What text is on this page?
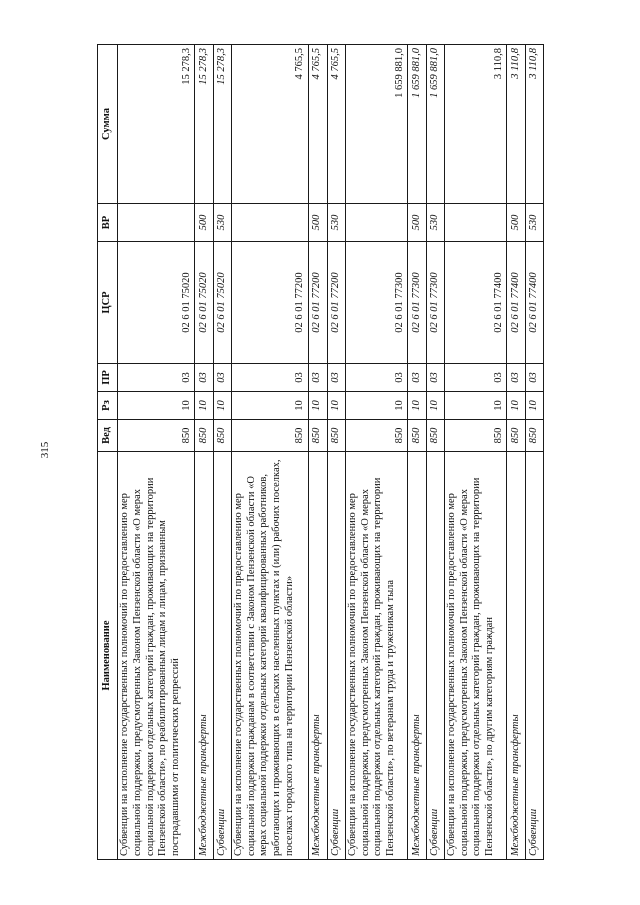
315
Наименование	Вед	Рз	ПР	ЦСР	ВР	Сумма
Субвенции на исполнение государственных полномочий по предоставлению мер социальной поддержки, предусмотренных Законом Пензенской области «О мерах социальной поддержки отдельных категорий граждан, проживающих на территории Пензенской области», по реабилитированным лицам и лицам, признанным пострадавшими от политических репрессий	850	10	03	02 6 01 75020		15 278,3
Межбюджетные трансферты	850	10	03	02 6 01 75020	500	15 278,3
Субвенции	850	10	03	02 6 01 75020	530	15 278,3
Субвенции на исполнение государственных полномочий по предоставлению мер социальной поддержки гражданам в соответствии с Законом Пензенской области «О мерах социальной поддержки отдельных категорий квалифицированных работников, работающих и проживающих в сельских населенных пунктах и (или) рабочих поселках, поселках городского типа на территории Пензенской области»	850	10	03	02 6 01 77200		4 765,5
Межбюджетные трансферты	850	10	03	02 6 01 77200	500	4 765,5
Субвенции	850	10	03	02 6 01 77200	530	4 765,5
Субвенции на исполнение государственных полномочий по предоставлению мер социальной поддержки, предусмотренных Законом Пензенской области «О мерах социальной поддержки отдельных категорий граждан, проживающих на территории Пензенской области», по ветеранам труда и труженикам тыла	850	10	03	02 6 01 77300		1 659 881,0
Межбюджетные трансферты	850	10	03	02 6 01 77300	500	1 659 881,0
Субвенции	850	10	03	02 6 01 77300	530	1 659 881,0
Субвенции на исполнение государственных полномочий по предоставлению мер социальной поддержки, предусмотренных Законом Пензенской области «О мерах социальной поддержки отдельных категорий граждан, проживающих на территории Пензенской области», по другим категориям граждан	850	10	03	02 6 01 77400		3 110,8
Межбюджетные трансферты	850	10	03	02 6 01 77400	500	3 110,8
Субвенции	850	10	03	02 6 01 77400	530	3 110,8
